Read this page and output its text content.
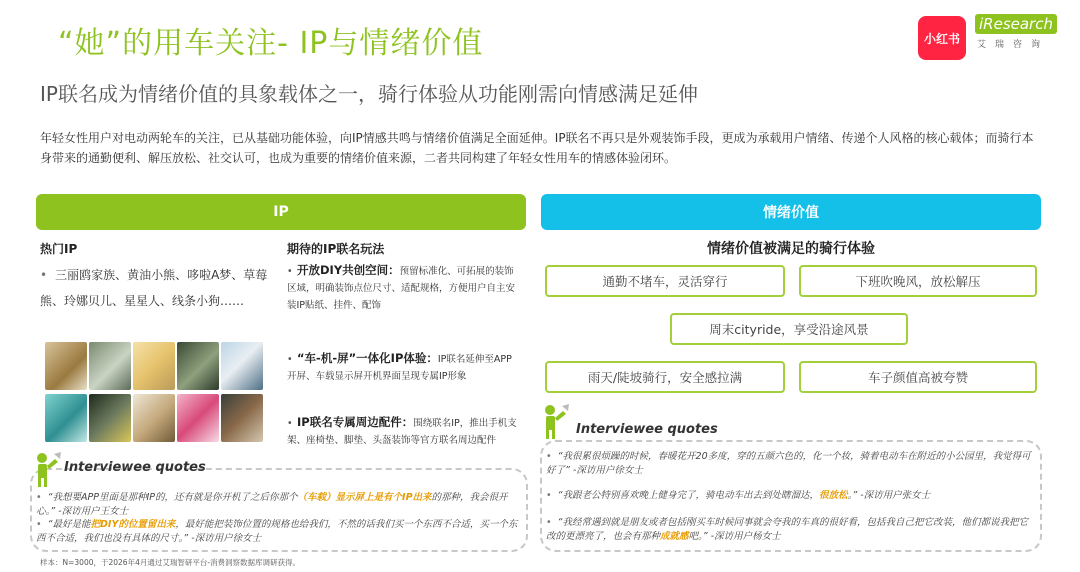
“她”的用车关注- IP与情绪价值	小红书
iResearch
艾瑞咨询
IP联名成为情绪价值的具象载体之一，骑行体验从功能刚需向情感满足延伸
年轻女性用户对电动两轮车的关注，已从基础功能体验，向IP情感共鸣与情绪价值满足全面延伸。IP联名不再只是外观装饰手段，更成为承载用户情绪、传递个人风格的核心载体；而骑行本身带来的通勤便利、解压放松、社交认可，也成为重要的情绪价值来源，二者共同构建了年轻女性用车的情感体验闭环。
IP	情绪价值
热门IP
• 三丽鸥家族、黄油小熊、哆啦A梦、草莓熊、玲娜贝儿、星星人、线条小狗……
期待的IP联名玩法
• 开放DIY共创空间：预留标准化、可拓展的装饰区域，明确装饰点位尺寸、适配规格，方便用户自主安装IP贴纸、挂件、配饰
• “车-机-屏”一体化IP体验：IP联名延伸至APP开屏、车载显示屏开机界面呈现专属IP形象
• IP联名专属周边配件：围绕联名IP，推出手机支架、座椅垫、脚垫、头盔装饰等官方联名周边配件
情绪价值被满足的骑行体验
通勤不堵车，灵活穿行	下班吹晚风，放松解压
周末cityride，享受沿途风景
雨天/陡坡骑行，安全感拉满	车子颜值高被夸赞
Interviewee quotes
• “我想要APP里面是那种IP的，还有就是你开机了之后你那个（车载）显示屏上是有个IP出来的那种，我会很开心。” -深访用户王女士
• “最好是能把DIY的位置留出来，最好能把装饰位置的规格也给我们，不然的话我们买一个东西不合适，买一个东西不合适，我们也没有具体的尺寸。” -深访用户徐女士
Interviewee quotes
• “我很累很烦躁的时候，春暖花开20多度，穿的五颜六色的，化一个妆，骑着电动车在附近的小公园里，我觉得可好了” -深访用户徐女士
• “我跟老公特别喜欢晚上健身完了，骑电动车出去到处瞎溜达，很放松。” -深访用户张女士
• “我经常遇到就是朋友或者包括刚买车时候同事就会夸我的车真的很好看，包括我自己把它改装，他们都说我把它改的更漂亮了，也会有那种成就感吧。” -深访用户杨女士
样本：N=3000，于2026年4月通过艾瑞智研平台-消费洞察数据库调研获得。
